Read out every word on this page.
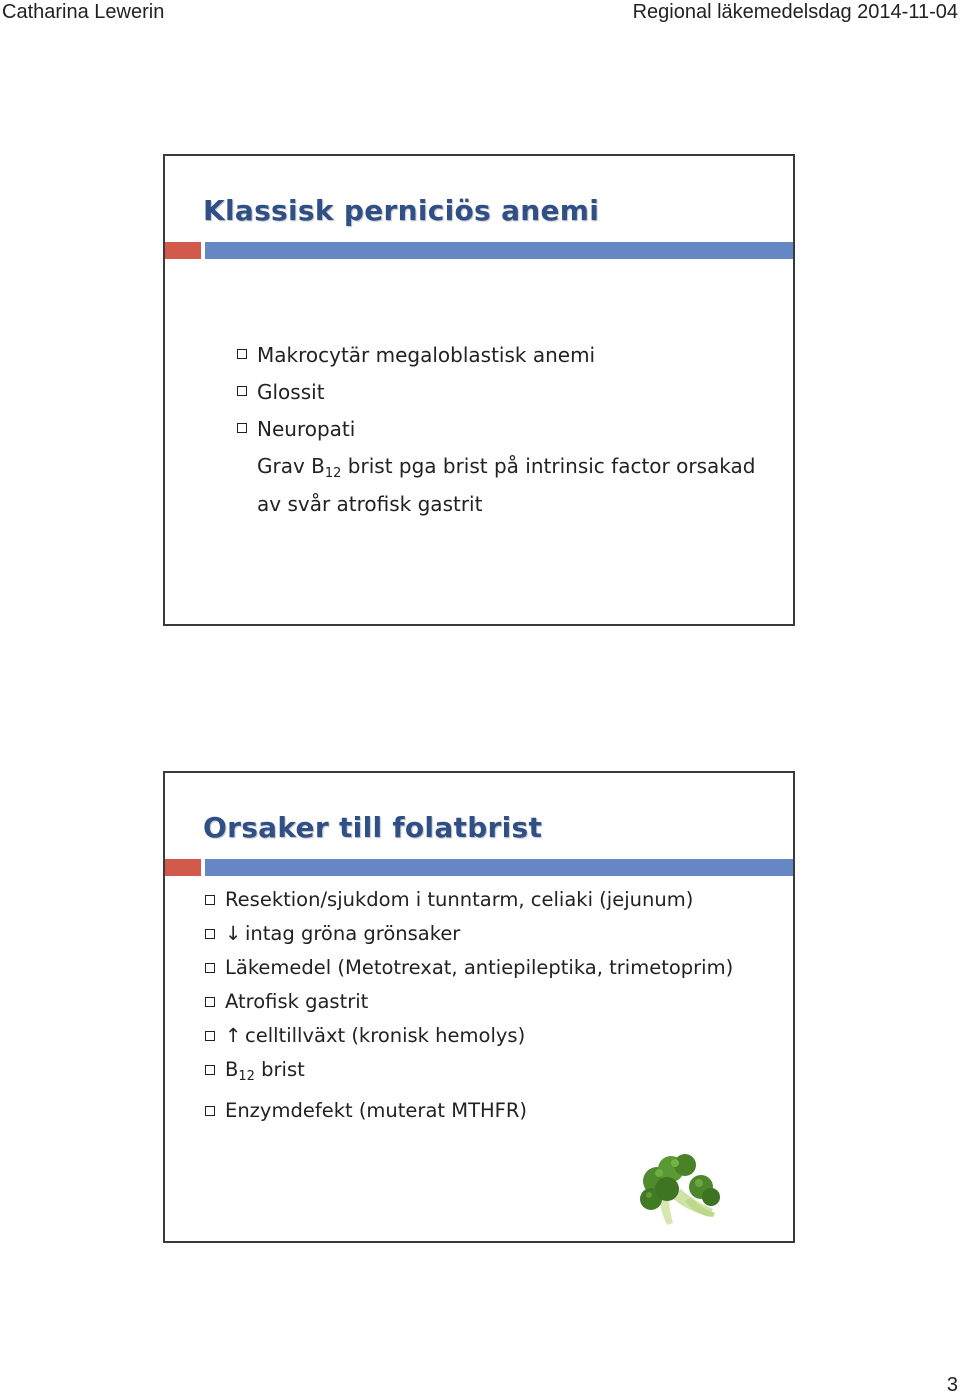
Catharina Lewerin	Regional läkemedelsdag 2014-11-04
Klassisk perniciös anemi
Makrocytär megaloblastisk anemi
Glossit
Neuropati
Grav $B_{12}$ brist pga brist på intrinsic factor orsakad
av svår atrofisk gastrit
Orsaker till folatbrist
Resektion/sjukdom i tunntarm, celiaki (jejunum)
↓ intag gröna grönsaker
Läkemedel (Metotrexat, antiepileptika, trimetoprim)
Atrofisk gastrit
↑ celltillväxt (kronisk hemolys)
$B_{12}$ brist
Enzymdefekt (muterat MTHFR)
3
